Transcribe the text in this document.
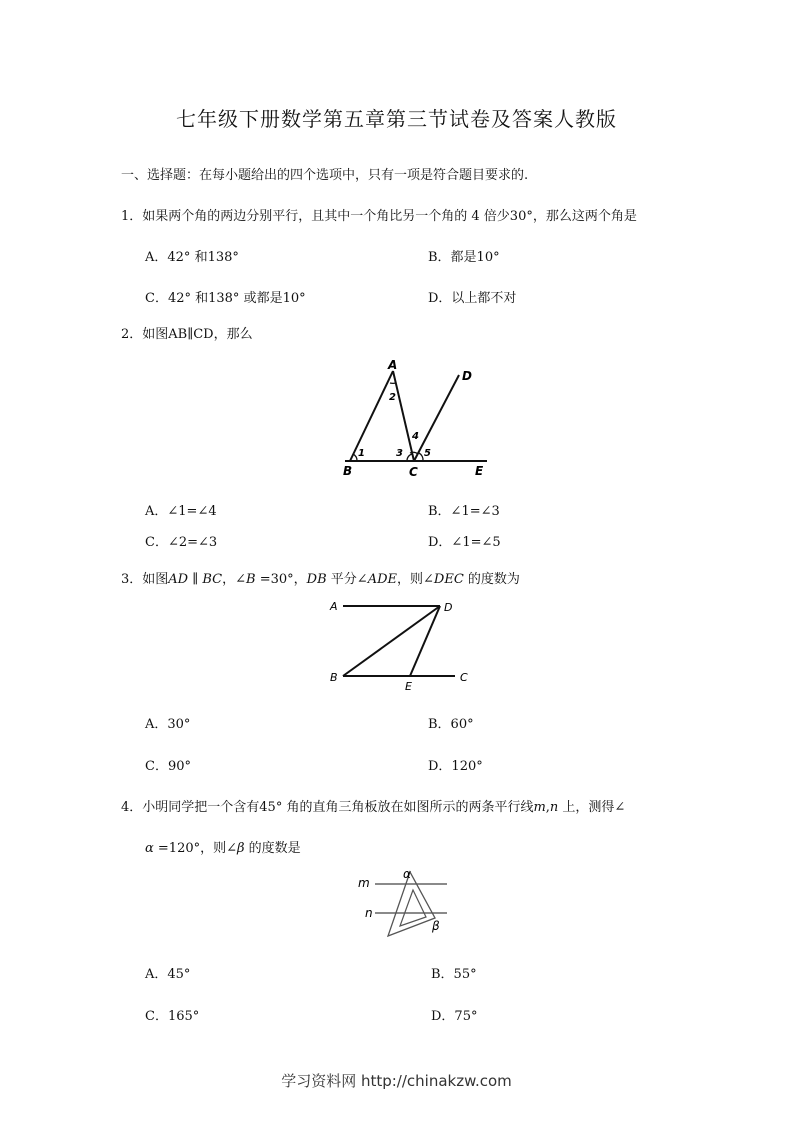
七年级下册数学第五章第三节试卷及答案人教版
一、选择题：在每小题给出的四个选项中，只有一项是符合题目要求的.
1．如果两个角的两边分别平行，且其中一个角比另一个角的 4 倍少30°，那么这两个角是
A．42° 和138°	B．都是10°
C．42° 和138° 或都是10°	D．以上都不对
2．如图AB∥CD，那么
A
B	C
D
E
1
2
3
4
5
A．∠1=∠4	B．∠1=∠3
C．∠2=∠3	D．∠1=∠5
3．如图AD ∥ BC，∠B =30°，DB 平分∠ADE，则∠DEC 的度数为
A	D
B
E
C
A．30°	B．60°
C．90°	D．120°
4．小明同学把一个含有45° 角的直角三角板放在如图所示的两条平行线m,n 上，测得∠
α =120°，则∠β 的度数是
m
n
α
β
A．45°	B．55°
C．165°	D．75°
学习资料网 http://chinakzw.com
